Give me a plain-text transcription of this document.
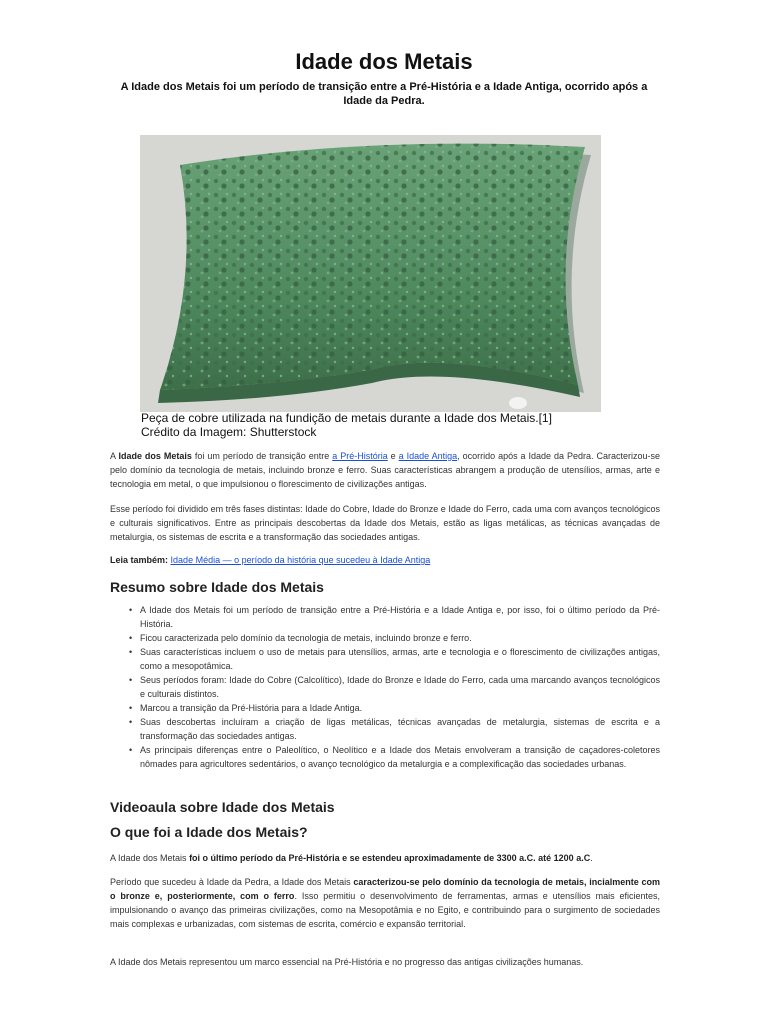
Idade dos Metais

A Idade dos Metais foi um período de transição entre a Pré-História e a Idade Antiga, ocorrido após a Idade da Pedra.

Peça de cobre utilizada na fundição de metais durante a Idade dos Metais.[1]
Crédito da Imagem: Shutterstock

A Idade dos Metais foi um período de transição entre a Pré-História e a Idade Antiga, ocorrido após a Idade da Pedra. Caracterizou-se pelo domínio da tecnologia de metais, incluindo bronze e ferro. Suas características abrangem a produção de utensílios, armas, arte e tecnologia em metal, o que impulsionou o florescimento de civilizações antigas.

Esse período foi dividido em três fases distintas: Idade do Cobre, Idade do Bronze e Idade do Ferro, cada uma com avanços tecnológicos e culturais significativos. Entre as principais descobertas da Idade dos Metais, estão as ligas metálicas, as técnicas avançadas de metalurgia, os sistemas de escrita e a transformação das sociedades antigas.

Leia também: Idade Média — o período da história que sucedeu à Idade Antiga

Resumo sobre Idade dos Metais
• A Idade dos Metais foi um período de transição entre a Pré-História e a Idade Antiga e, por isso, foi o último período da Pré-História.
• Ficou caracterizada pelo domínio da tecnologia de metais, incluindo bronze e ferro.
• Suas características incluem o uso de metais para utensílios, armas, arte e tecnologia e o florescimento de civilizações antigas, como a mesopotâmica.
• Seus períodos foram: Idade do Cobre (Calcolítico), Idade do Bronze e Idade do Ferro, cada uma marcando avanços tecnológicos e culturais distintos.
• Marcou a transição da Pré-História para a Idade Antiga.
• Suas descobertas incluíram a criação de ligas metálicas, técnicas avançadas de metalurgia, sistemas de escrita e a transformação das sociedades antigas.
• As principais diferenças entre o Paleolítico, o Neolítico e a Idade dos Metais envolveram a transição de caçadores-coletores nômades para agricultores sedentários, o avanço tecnológico da metalurgia e a complexificação das sociedades urbanas.
Videoaula sobre Idade dos Metais
O que foi a Idade dos Metais?

A Idade dos Metais foi o último período da Pré-História e se estendeu aproximadamente de 3300 a.C. até 1200 a.C.

Período que sucedeu à Idade da Pedra, a Idade dos Metais caracterizou-se pelo domínio da tecnologia de metais, incialmente com o bronze e, posteriormente, com o ferro. Isso permitiu o desenvolvimento de ferramentas, armas e utensílios mais eficientes, impulsionando o avanço das primeiras civilizações, como na Mesopotâmia e no Egito, e contribuindo para o surgimento de sociedades mais complexas e urbanizadas, com sistemas de escrita, comércio e expansão territorial.

A Idade dos Metais representou um marco essencial na Pré-História e no progresso das antigas civilizações humanas.
